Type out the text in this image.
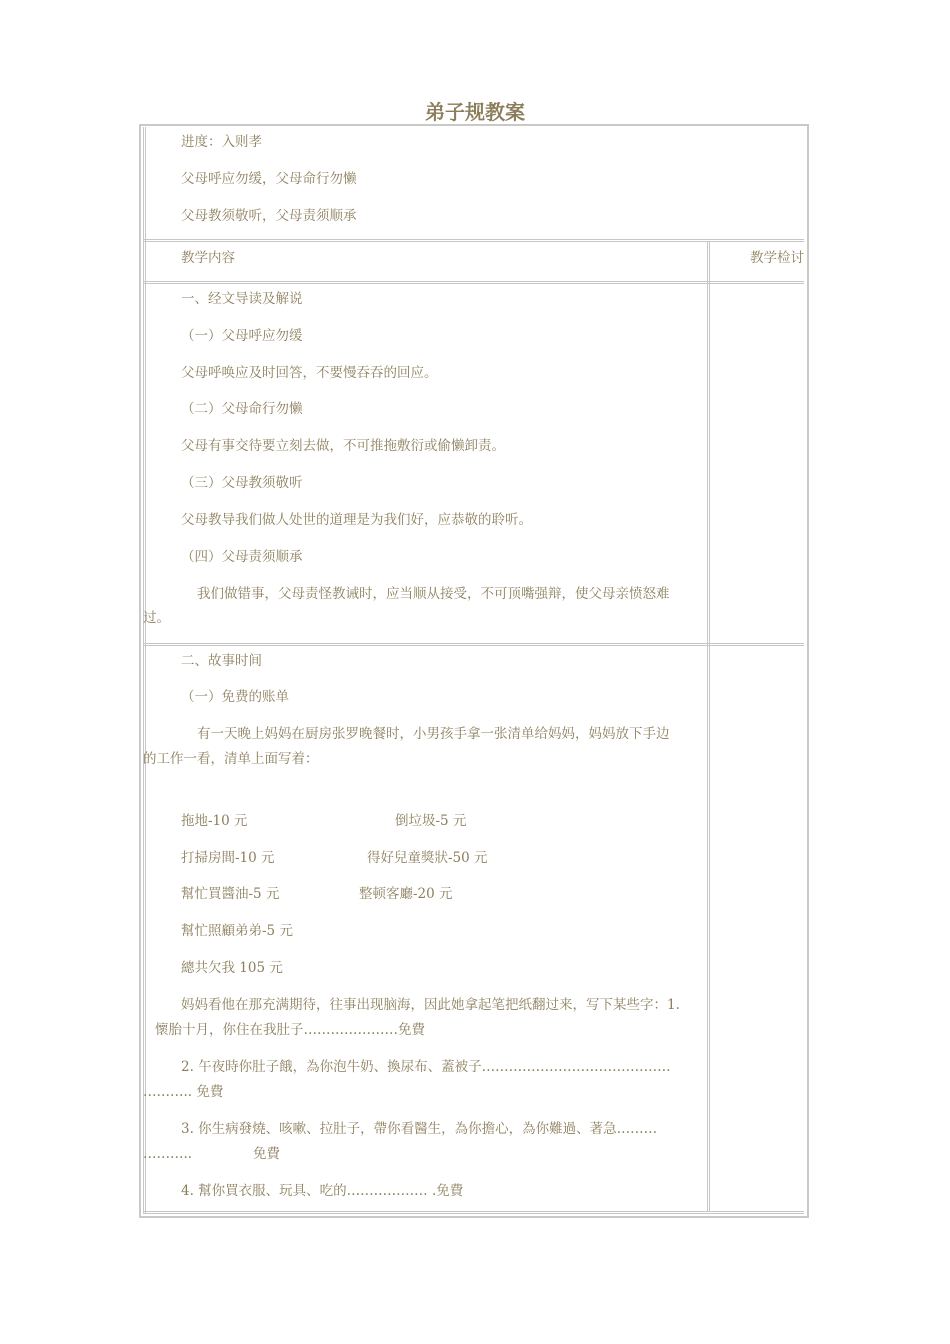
弟子规教案
进度：入则孝
父母呼应勿缓，父母命行勿懒
父母教须敬听，父母责须顺承
教学内容	教学检讨
一、经文导读及解说
（一）父母呼应勿缓
父母呼唤应及时回答，不要慢吞吞的回应。
（二）父母命行勿懒
父母有事交待要立刻去做，不可推拖敷衍或偷懒卸责。
（三）父母教须敬听
父母教导我们做人处世的道理是为我们好，应恭敬的聆听。
（四）父母责须顺承
我们做错事，父母责怪教诫时，应当顺从接受，不可顶嘴强辩，使父母亲愤怒难
过。
二、故事时间
（一）免费的账单
有一天晚上妈妈在厨房张罗晚餐时，小男孩手拿一张清单给妈妈，妈妈放下手边
的工作一看，清单上面写着：
拖地-10 元	倒垃圾-5 元
打掃房間-10 元	得好兒童獎狀-50 元
幫忙買醬油-5 元	整顿客廳-20 元
幫忙照顧弟弟-5 元
總共欠我 105 元
妈妈看他在那充满期待，往事出现脑海，因此她拿起笔把纸翻过来，写下某些字：1.
懷胎十月，你住在我肚子…………………免費
2. 午夜時你肚子餓，為你泡牛奶、換尿布、蓋被子……………………………………
……….. 免費
3. 你生病發燒、咳嗽、拉肚子，帶你看醫生，為你擔心，為你難過、著急………
………..	免費
4. 幫你買衣服、玩具、吃的……………… .免費
